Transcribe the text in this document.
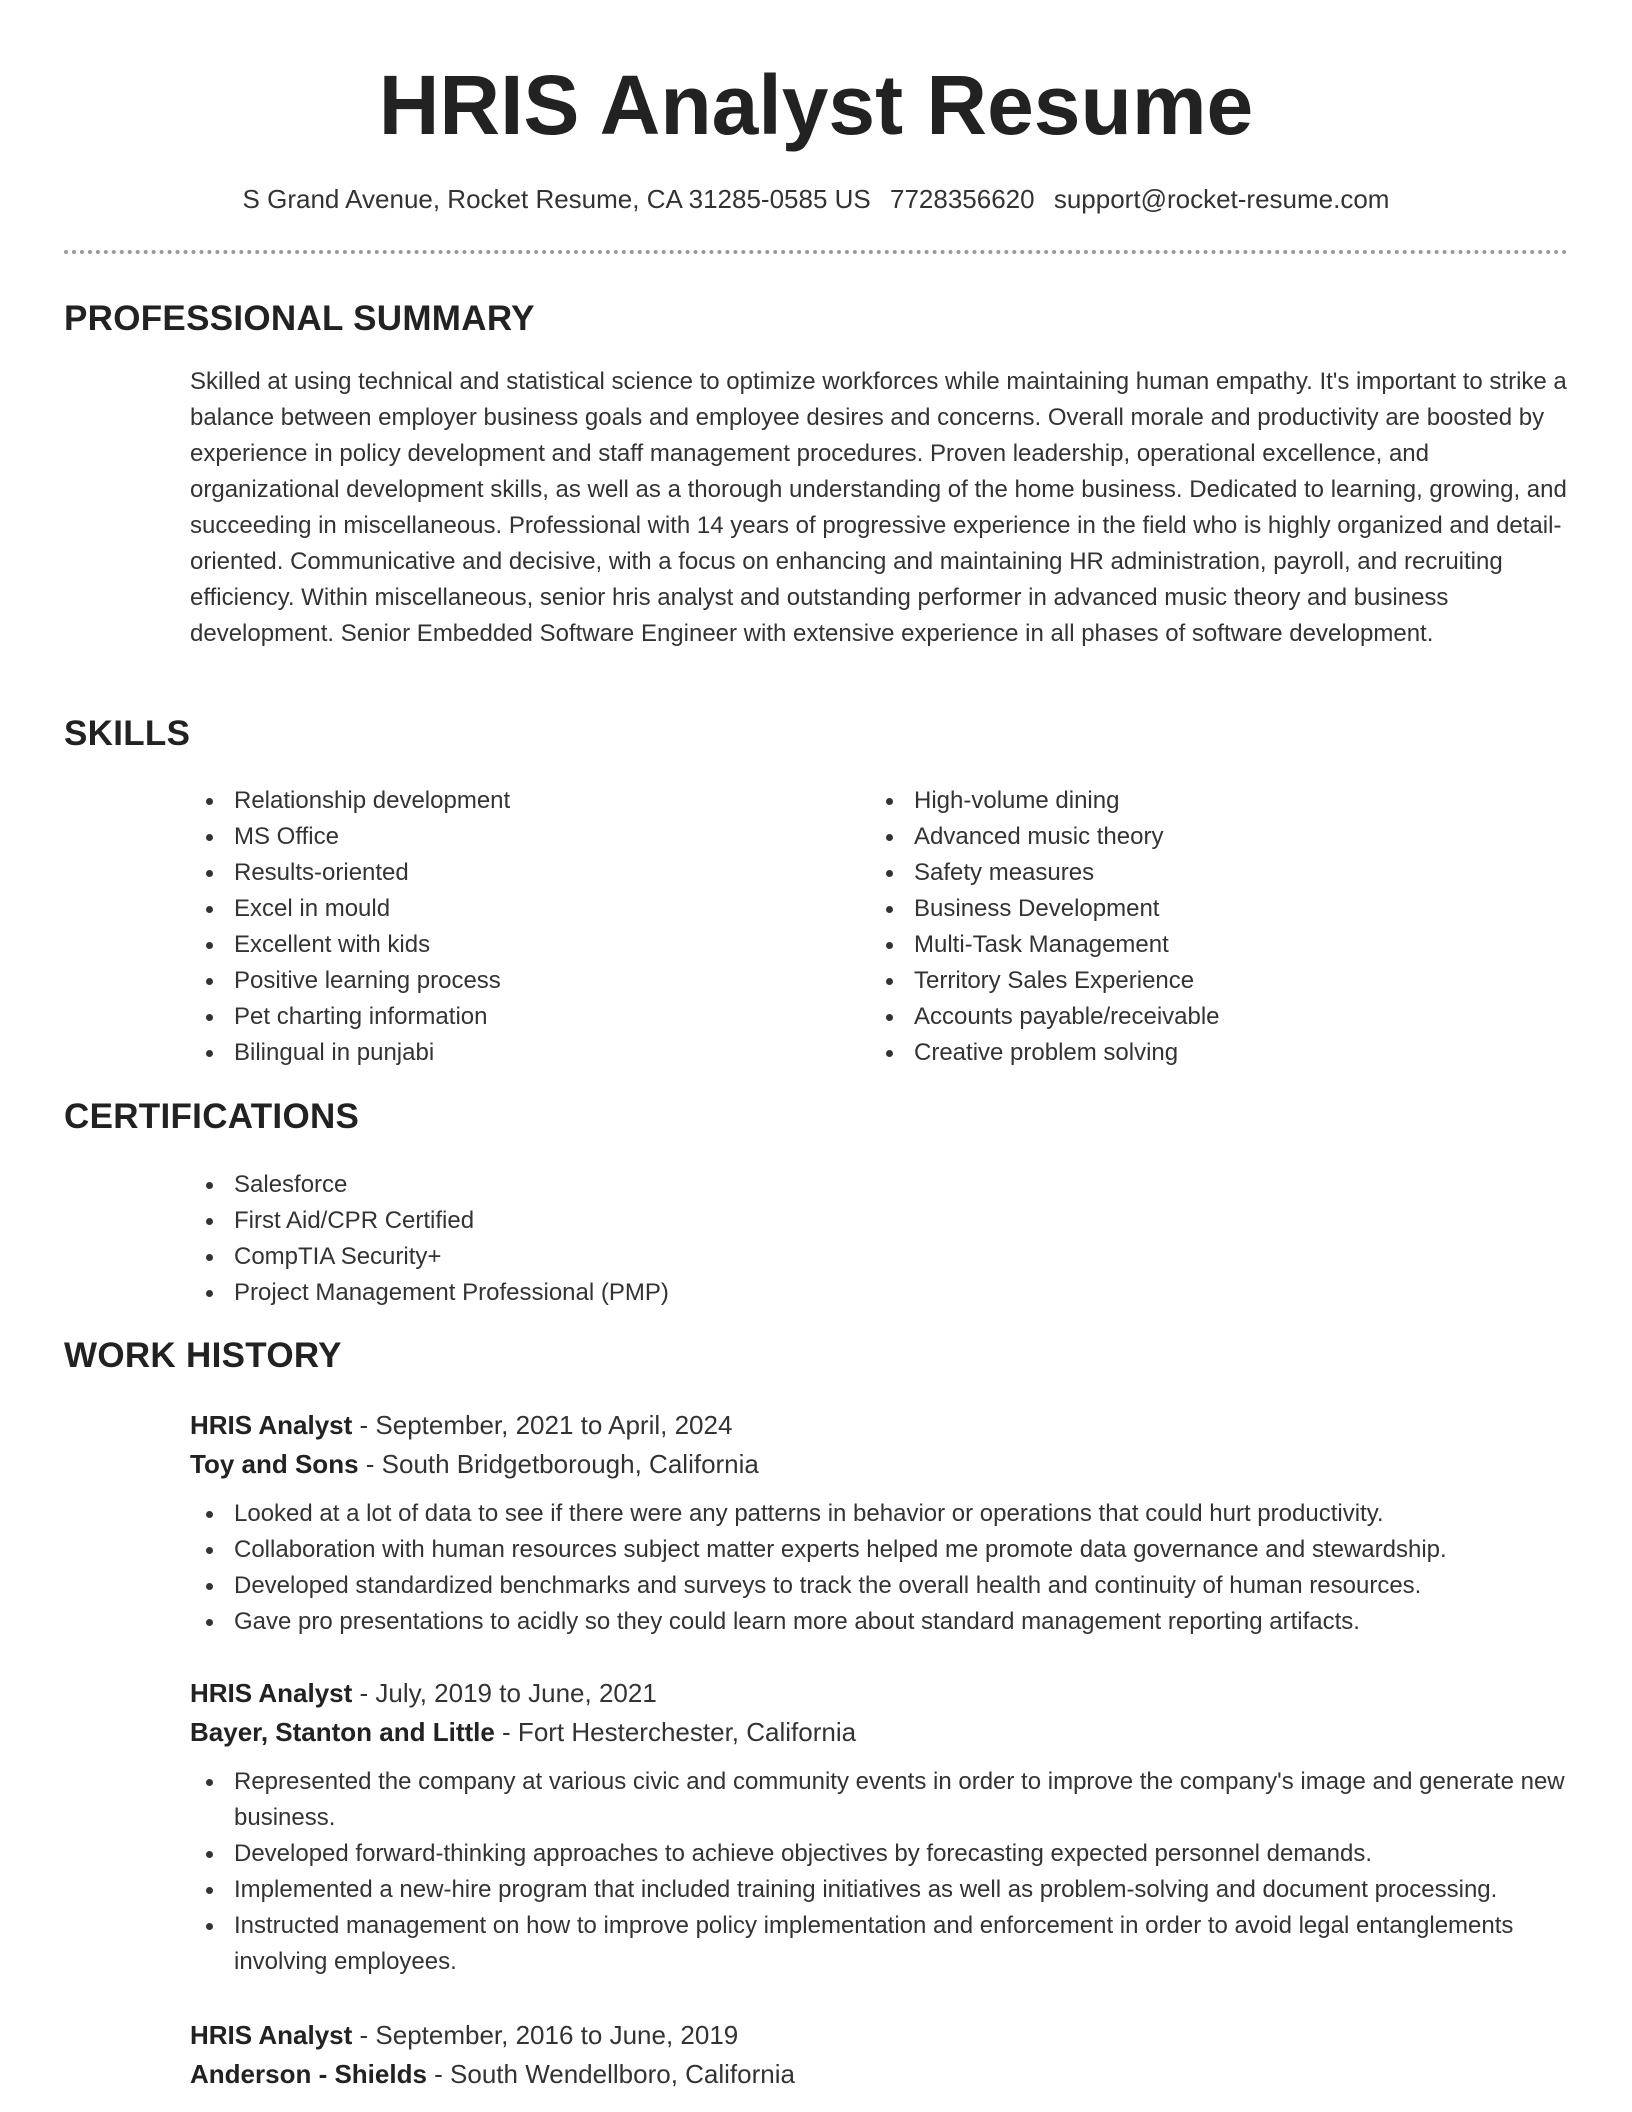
HRIS Analyst Resume
S Grand Avenue, Rocket Resume, CA 31285-0585 US 7728356620 support@rocket-resume.com
PROFESSIONAL SUMMARY

Skilled at using technical and statistical science to optimize workforces while maintaining human empathy. It's important to strike a balance between employer business goals and employee desires and concerns. Overall morale and productivity are boosted by experience in policy development and staff management procedures. Proven leadership, operational excellence, and organizational development skills, as well as a thorough understanding of the home business. Dedicated to learning, growing, and succeeding in miscellaneous. Professional with 14 years of progressive experience in the field who is highly organized and detail-oriented. Communicative and decisive, with a focus on enhancing and maintaining HR administration, payroll, and recruiting efficiency. Within miscellaneous, senior hris analyst and outstanding performer in advanced music theory and business development. Senior Embedded Software Engineer with extensive experience in all phases of software development.

SKILLS
Relationship development
MS Office
Results-oriented
Excel in mould
Excellent with kids
Positive learning process
Pet charting information
Bilingual in punjabi
High-volume dining
Advanced music theory
Safety measures
Business Development
Multi-Task Management
Territory Sales Experience
Accounts payable/receivable
Creative problem solving
CERTIFICATIONS
Salesforce
First Aid/CPR Certified
CompTIA Security+
Project Management Professional (PMP)
WORK HISTORY
HRIS Analyst - September, 2021 to April, 2024
Toy and Sons - South Bridgetborough, California
Looked at a lot of data to see if there were any patterns in behavior or operations that could hurt productivity.
Collaboration with human resources subject matter experts helped me promote data governance and stewardship.
Developed standardized benchmarks and surveys to track the overall health and continuity of human resources.
Gave pro presentations to acidly so they could learn more about standard management reporting artifacts.
HRIS Analyst - July, 2019 to June, 2021
Bayer, Stanton and Little - Fort Hesterchester, California
Represented the company at various civic and community events in order to improve the company's image and generate new business.
Developed forward-thinking approaches to achieve objectives by forecasting expected personnel demands.
Implemented a new-hire program that included training initiatives as well as problem-solving and document processing.
Instructed management on how to improve policy implementation and enforcement in order to avoid legal entanglements involving employees.
HRIS Analyst - September, 2016 to June, 2019
Anderson - Shields - South Wendellboro, California
